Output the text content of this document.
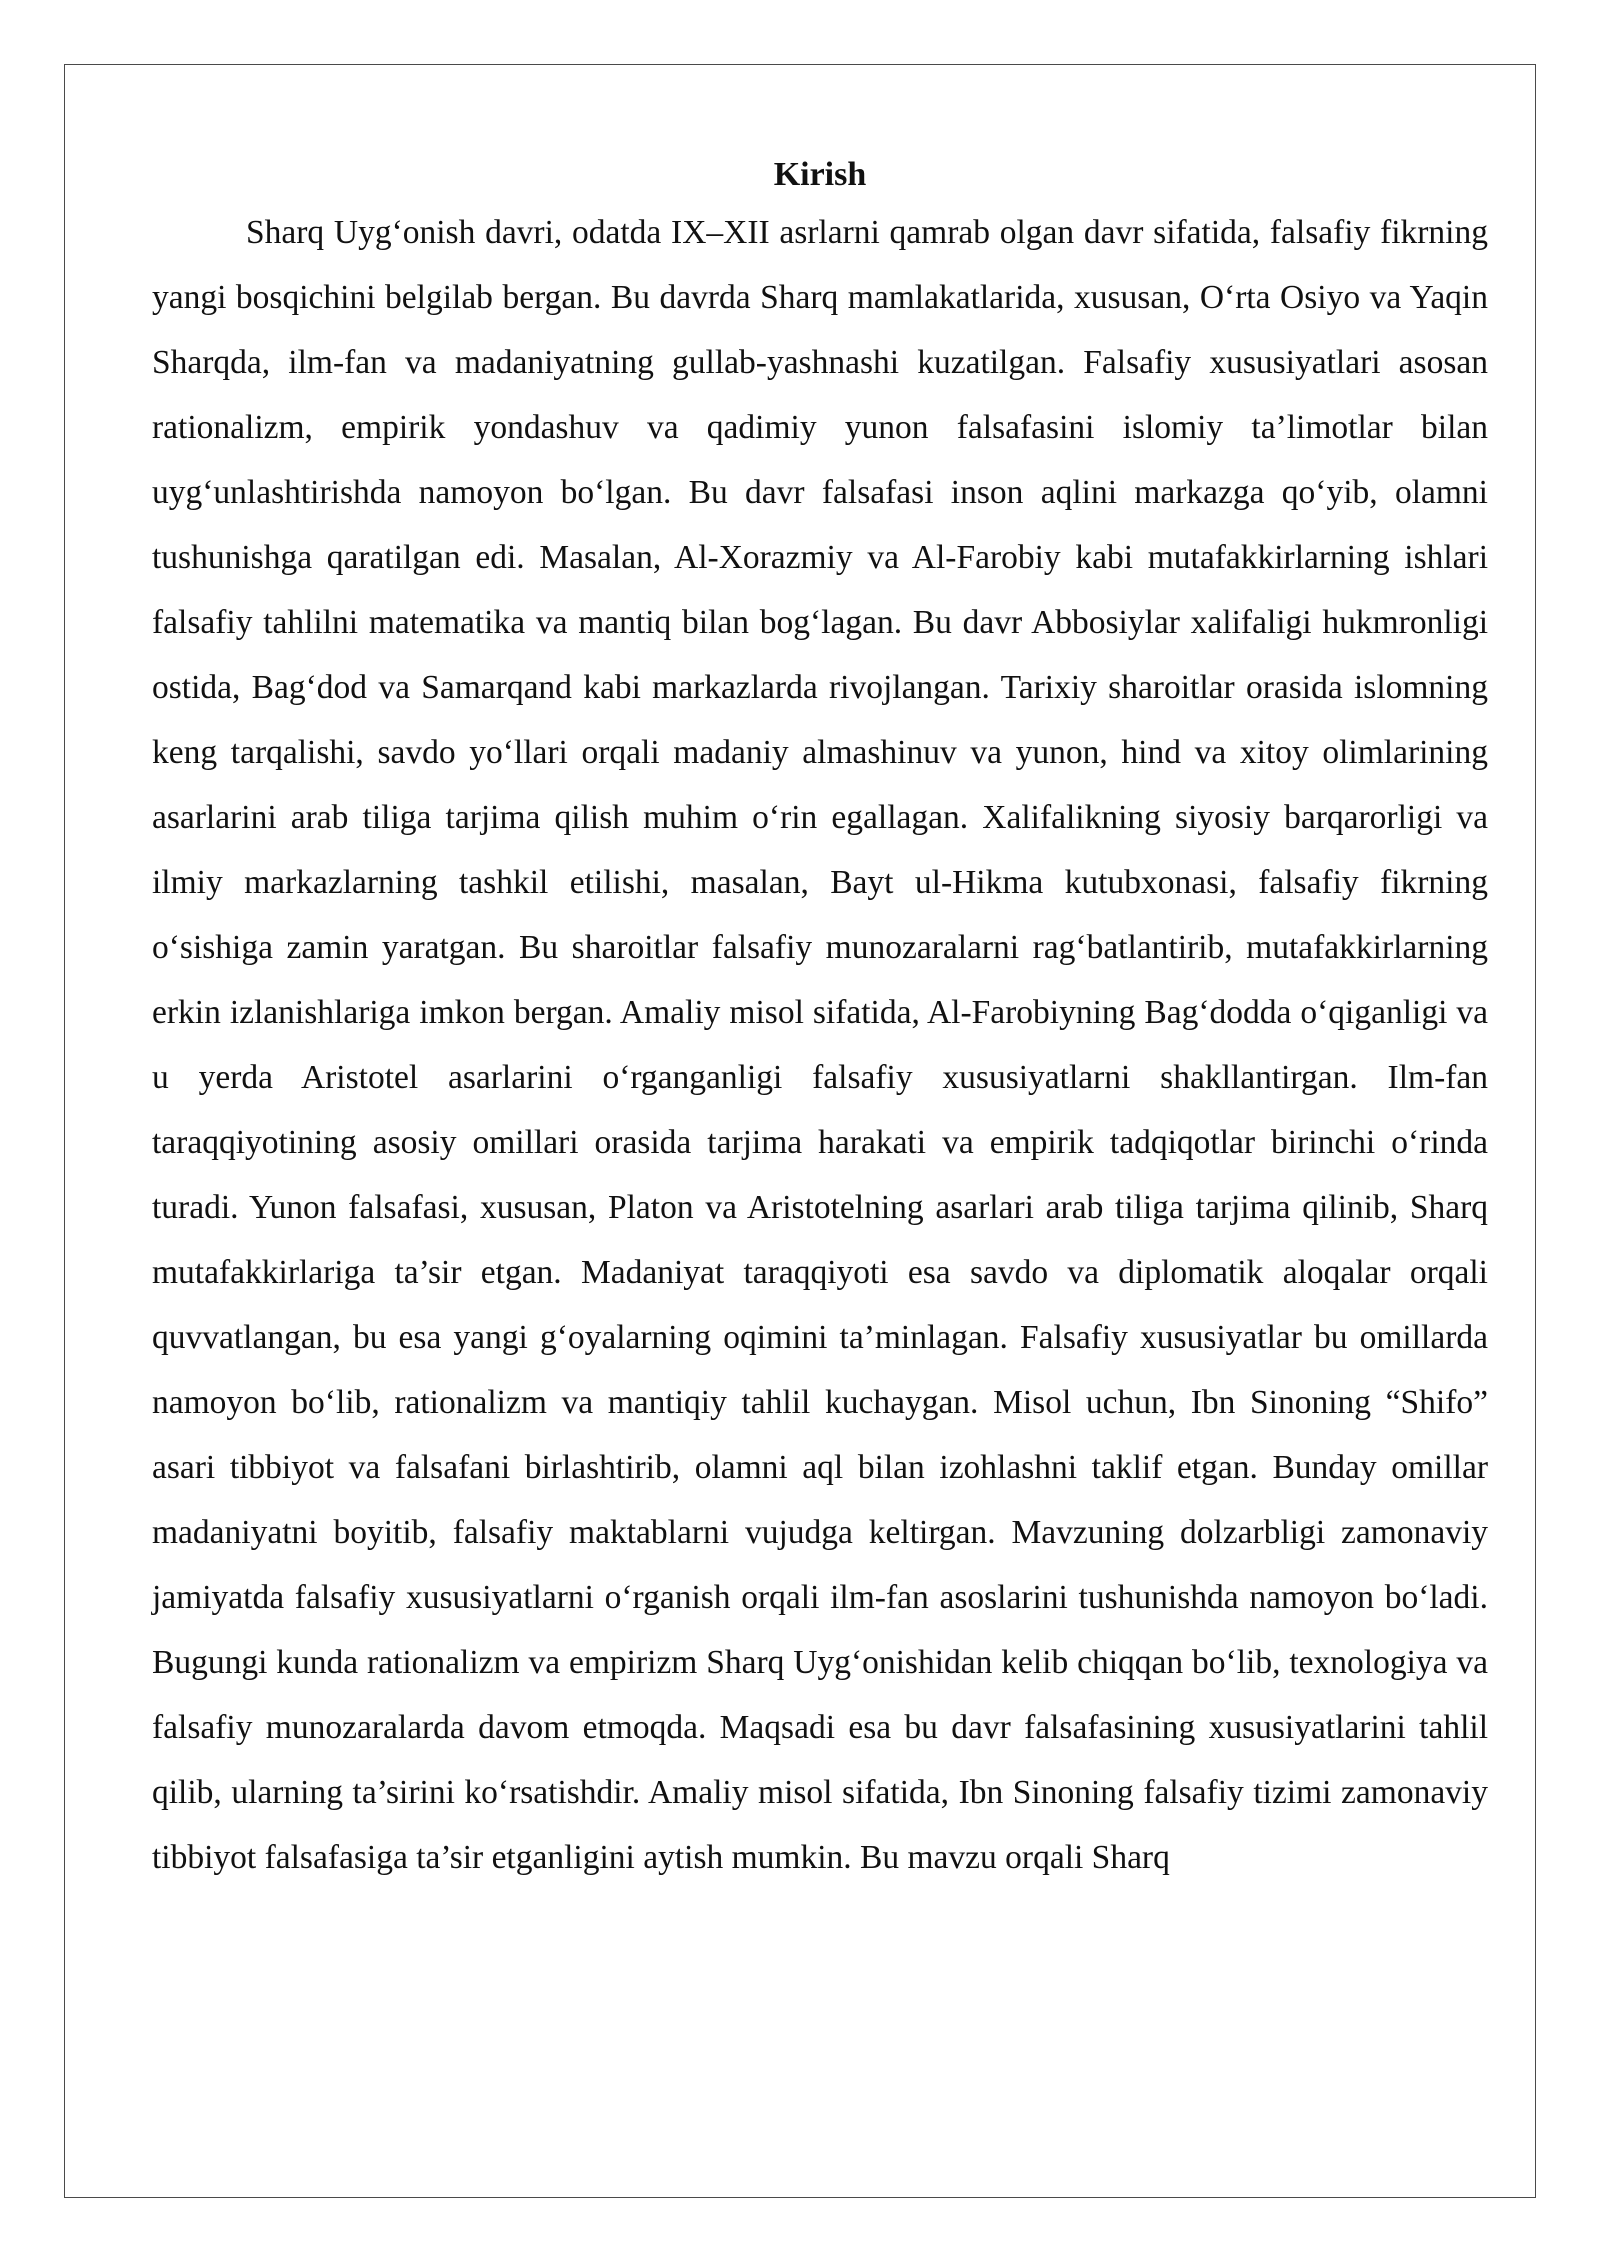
Kirish

Sharq Uyg‘onish davri, odatda IX–XII asrlarni qamrab olgan davr sifatida, falsafiy fikrning yangi bosqichini belgilab bergan. Bu davrda Sharq mamlakatlarida, xususan, O‘rta Osiyo va Yaqin Sharqda, ilm-fan va madaniyatning gullab-yashnashi kuzatilgan. Falsafiy xususiyatlari asosan rationalizm, empirik yondashuv va qadimiy yunon falsafasini islomiy ta’limotlar bilan uyg‘unlashtirishda namoyon bo‘lgan. Bu davr falsafasi inson aqlini markazga qo‘yib, olamni tushunishga qaratilgan edi. Masalan, Al-Xorazmiy va Al-Farobiy kabi mutafakkirlarning ishlari falsafiy tahlilni matematika va mantiq bilan bog‘lagan. Bu davr Abbosiylar xalifaligi hukmronligi ostida, Bag‘dod va Samarqand kabi markazlarda rivojlangan. Tarixiy sharoitlar orasida islomning keng tarqalishi, savdo yo‘llari orqali madaniy almashinuv va yunon, hind va xitoy olimlarining asarlarini arab tiliga tarjima qilish muhim o‘rin egallagan. Xalifalikning siyosiy barqarorligi va ilmiy markazlarning tashkil etilishi, masalan, Bayt ul-Hikma kutubxonasi, falsafiy fikrning o‘sishiga zamin yaratgan. Bu sharoitlar falsafiy munozaralarni rag‘batlantirib, mutafakkirlarning erkin izlanishlariga imkon bergan. Amaliy misol sifatida, Al-Farobiyning Bag‘dodda o‘qiganligi va u yerda Aristotel asarlarini o‘rganganligi falsafiy xususiyatlarni shakllantirgan. Ilm-fan taraqqiyotining asosiy omillari orasida tarjima harakati va empirik tadqiqotlar birinchi o‘rinda turadi. Yunon falsafasi, xususan, Platon va Aristotelning asarlari arab tiliga tarjima qilinib, Sharq mutafakkirlariga ta’sir etgan. Madaniyat taraqqiyoti esa savdo va diplomatik aloqalar orqali quvvatlangan, bu esa yangi g‘oyalarning oqimini ta’minlagan. Falsafiy xususiyatlar bu omillarda namoyon bo‘lib, rationalizm va mantiqiy tahlil kuchaygan. Misol uchun, Ibn Sinoning “Shifo” asari tibbiyot va falsafani birlashtirib, olamni aql bilan izohlashni taklif etgan. Bunday omillar madaniyatni boyitib, falsafiy maktablarni vujudga keltirgan. Mavzuning dolzarbligi zamonaviy jamiyatda falsafiy xususiyatlarni o‘rganish orqali ilm-fan asoslarini tushunishda namoyon bo‘ladi. Bugungi kunda rationalizm va empirizm Sharq Uyg‘onishidan kelib chiqqan bo‘lib, texnologiya va falsafiy munozaralarda davom etmoqda. Maqsadi esa bu davr falsafasining xususiyatlarini tahlil qilib, ularning ta’sirini ko‘rsatishdir. Amaliy misol sifatida, Ibn Sinoning falsafiy tizimi zamonaviy tibbiyot falsafasiga ta’sir etganligini aytish mumkin. Bu mavzu orqali Sharq
